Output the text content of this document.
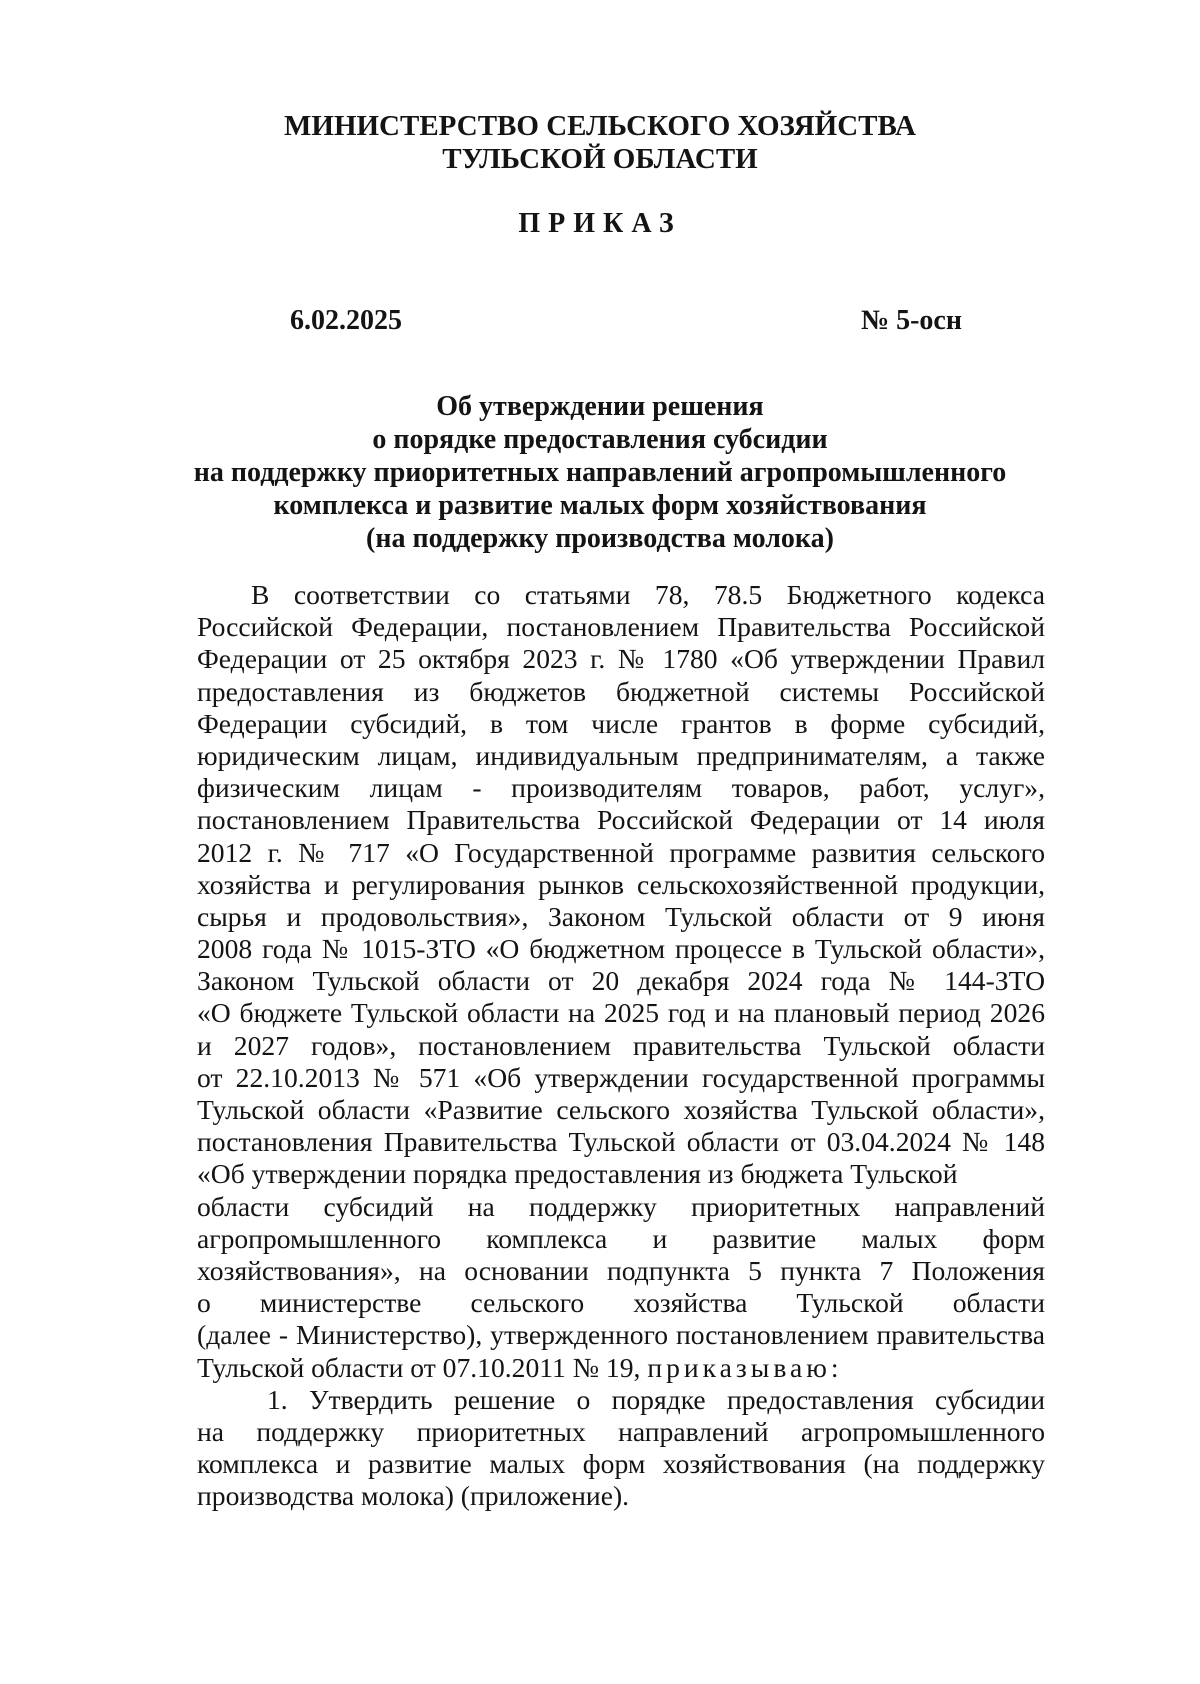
МИНИСТЕРСТВО СЕЛЬСКОГО ХОЗЯЙСТВА

ТУЛЬСКОЙ ОБЛАСТИ

ПРИКАЗ

6.02.2025	№ 5-осн

Об утверждении решения
о порядке предоставления субсидии
на поддержку приоритетных направлений агропромышленного
комплекса и развитие малых форм хозяйствования
(на поддержку производства молока)
В соответствии со статьями 78, 78.5 Бюджетного кодекса
Российской Федерации, постановлением Правительства Российской
Федерации от 25 октября 2023 г. № 1780 «Об утверждении Правил
предоставления из бюджетов бюджетной системы Российской
Федерации субсидий, в том числе грантов в форме субсидий,
юридическим лицам, индивидуальным предпринимателям, а также
физическим лицам - производителям товаров, работ, услуг»,
постановлением Правительства Российской Федерации от 14 июля
2012 г. № 717 «О Государственной программе развития сельского
хозяйства и регулирования рынков сельскохозяйственной продукции,
сырья и продовольствия», Законом Тульской области от 9 июня
2008 года № 1015-ЗТО «О бюджетном процессе в Тульской области»,
Законом Тульской области от 20 декабря 2024 года № 144-ЗТО
«О бюджете Тульской области на 2025 год и на плановый период 2026
и 2027 годов», постановлением правительства Тульской области
от 22.10.2013 № 571 «Об утверждении государственной программы
Тульской области «Развитие сельского хозяйства Тульской области»,
постановления Правительства Тульской области от 03.04.2024 № 148
«Об утверждении порядка предоставления из бюджета Тульской
области субсидий на поддержку приоритетных направлений
агропромышленного комплекса и развитие малых форм
хозяйствования», на основании подпункта 5 пункта 7 Положения
о министерстве сельского хозяйства Тульской области
(далее - Министерство), утвержденного постановлением правительства
Тульской области от 07.10.2011 № 19, приказываю:
1. Утвердить решение о порядке предоставления субсидии
на поддержку приоритетных направлений агропромышленного
комплекса и развитие малых форм хозяйствования (на поддержку
производства молока) (приложение).
